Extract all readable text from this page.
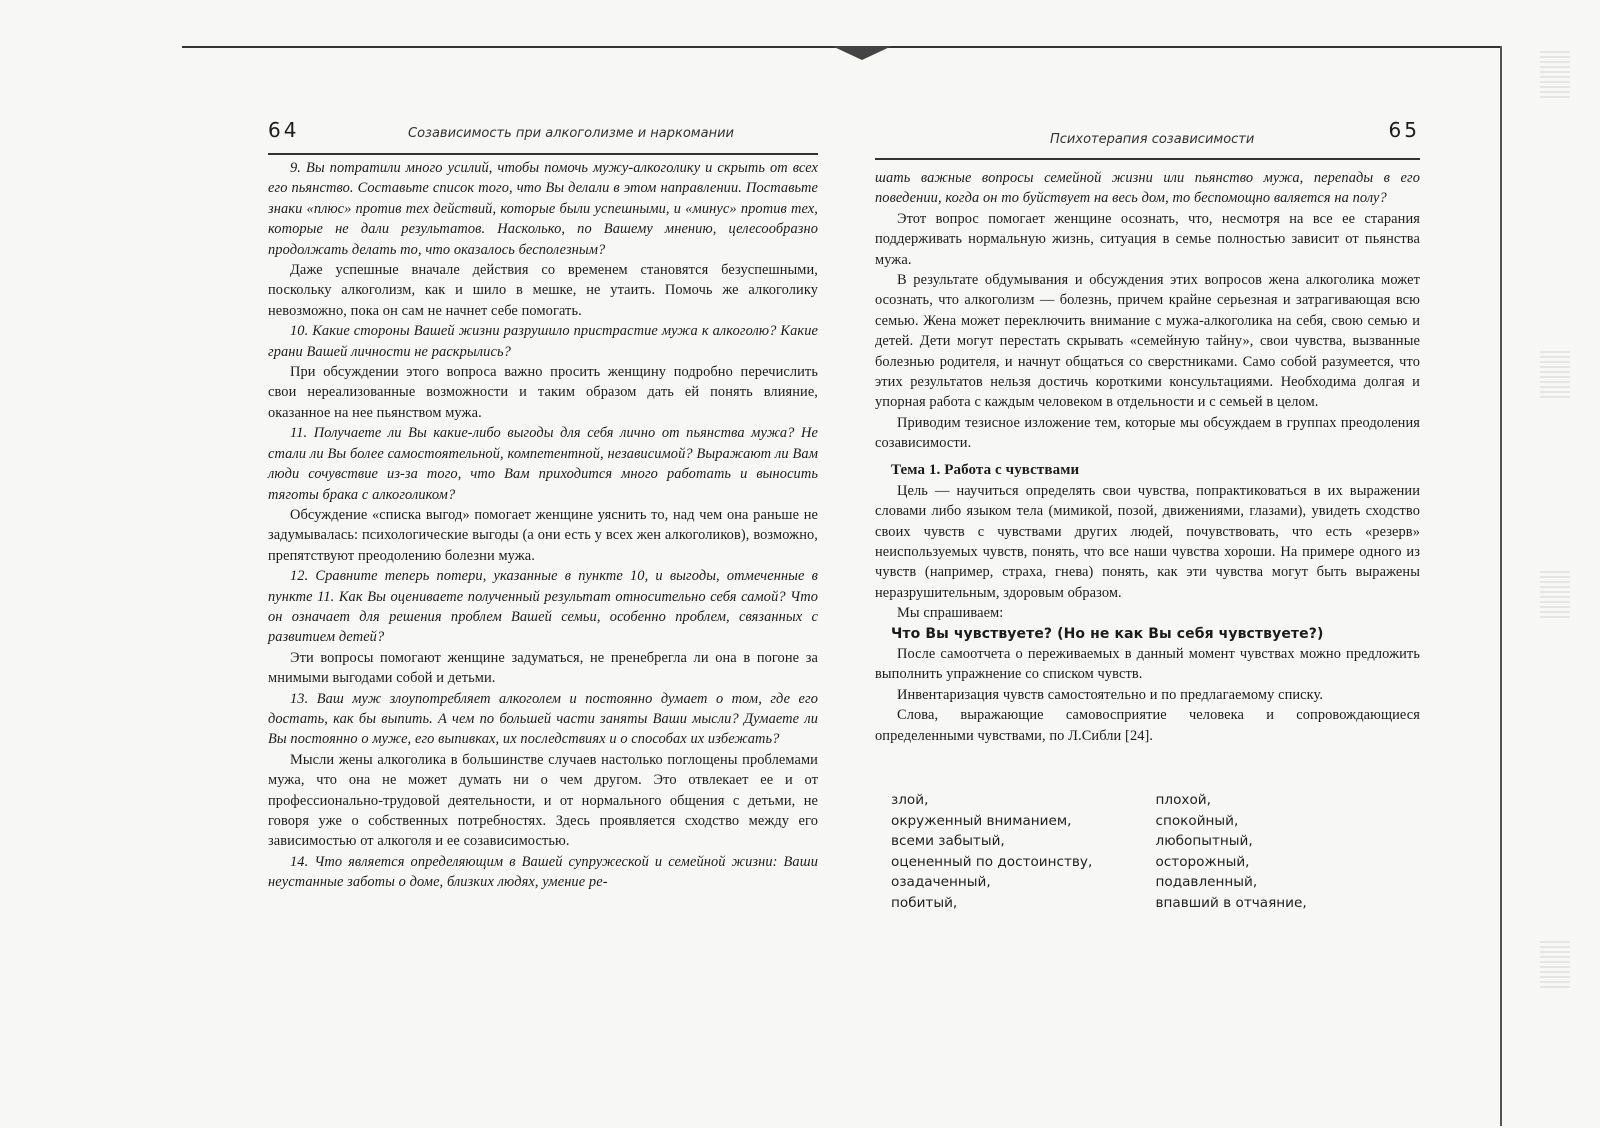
64	Созависимость при алкоголизме и наркомании

9. Вы потратили много усилий, чтобы помочь мужу-алкоголику и скрыть от всех его пьянство. Составьте список того, что Вы делали в этом направлении. Поставьте знаки «плюс» против тех действий, которые были успешными, и «минус» против тех, которые не дали результатов. Насколько, по Вашему мнению, целесообразно продолжать делать то, что оказалось бесполезным?

Даже успешные вначале действия со временем становятся безуспешными, поскольку алкоголизм, как и шило в мешке, не утаить. Помочь же алкоголику невозможно, пока он сам не начнет себе помогать.

10. Какие стороны Вашей жизни разрушило пристрастие мужа к алкоголю? Какие грани Вашей личности не раскрылись?

При обсуждении этого вопроса важно просить женщину подробно перечислить свои нереализованные возможности и таким образом дать ей понять влияние, оказанное на нее пьянством мужа.

11. Получаете ли Вы какие-либо выгоды для себя лично от пьянства мужа? Не стали ли Вы более самостоятельной, компетентной, независимой? Выражают ли Вам люди сочувствие из-за того, что Вам приходится много работать и выносить тяготы брака с алкоголиком?

Обсуждение «списка выгод» помогает женщине уяснить то, над чем она раньше не задумывалась: психологические выгоды (а они есть у всех жен алкоголиков), возможно, препятствуют преодолению болезни мужа.

12. Сравните теперь потери, указанные в пункте 10, и выгоды, отмеченные в пункте 11. Как Вы оцениваете полученный результат относительно себя самой? Что он означает для решения проблем Вашей семьи, особенно проблем, связанных с развитием детей?

Эти вопросы помогают женщине задуматься, не пренебрегла ли она в погоне за мнимыми выгодами собой и детьми.

13. Ваш муж злоупотребляет алкоголем и постоянно думает о том, где его достать, как бы выпить. А чем по большей части заняты Ваши мысли? Думаете ли Вы постоянно о муже, его выпивках, их последствиях и о способах их избежать?

Мысли жены алкоголика в большинстве случаев настолько поглощены проблемами мужа, что она не может думать ни о чем другом. Это отвлекает ее и от профессионально-трудовой деятельности, и от нормального общения с детьми, не говоря уже о собственных потребностях. Здесь проявляется сходство между его зависимостью от алкоголя и ее созависимостью.

14. Что является определяющим в Вашей супружеской и семейной жизни: Ваши неустанные заботы о доме, близких людях, умение ре-

Психотерапия созависимости	65

шать важные вопросы семейной жизни или пьянство мужа, перепады в его поведении, когда он то буйствует на весь дом, то беспомощно валяется на полу?

Этот вопрос помогает женщине осознать, что, несмотря на все ее старания поддерживать нормальную жизнь, ситуация в семье полностью зависит от пьянства мужа.

В результате обдумывания и обсуждения этих вопросов жена алкоголика может осознать, что алкоголизм — болезнь, причем крайне серьезная и затрагивающая всю семью. Жена может переключить внимание с мужа-алкоголика на себя, свою семью и детей. Дети могут перестать скрывать «семейную тайну», свои чувства, вызванные болезнью родителя, и начнут общаться со сверстниками. Само собой разумеется, что этих результатов нельзя достичь короткими консультациями. Необходима долгая и упорная работа с каждым человеком в отдельности и с семьей в целом.

Приводим тезисное изложение тем, которые мы обсуждаем в группах преодоления созависимости.

Тема 1. Работа с чувствами

Цель — научиться определять свои чувства, попрактиковаться в их выражении словами либо языком тела (мимикой, позой, движениями, глазами), увидеть сходство своих чувств с чувствами других людей, почувствовать, что есть «резерв» неиспользуемых чувств, понять, что все наши чувства хороши. На примере одного из чувств (например, страха, гнева) понять, как эти чувства могут быть выражены неразрушительным, здоровым образом.

Мы спрашиваем:

Что Вы чувствуете? (Но не как Вы себя чувствуете?)

После самоотчета о переживаемых в данный момент чувствах можно предложить выполнить упражнение со списком чувств.

Инвентаризация чувств самостоятельно и по предлагаемому списку.

Слова, выражающие самовосприятие человека и сопровождающиеся определенными чувствами, по Л.Сибли [24].

злой,
окруженный вниманием,
всеми забытый,
оцененный по достоинству,
озадаченный,
побитый,
плохой,
спокойный,
любопытный,
осторожный,
подавленный,
впавший в отчаяние,
